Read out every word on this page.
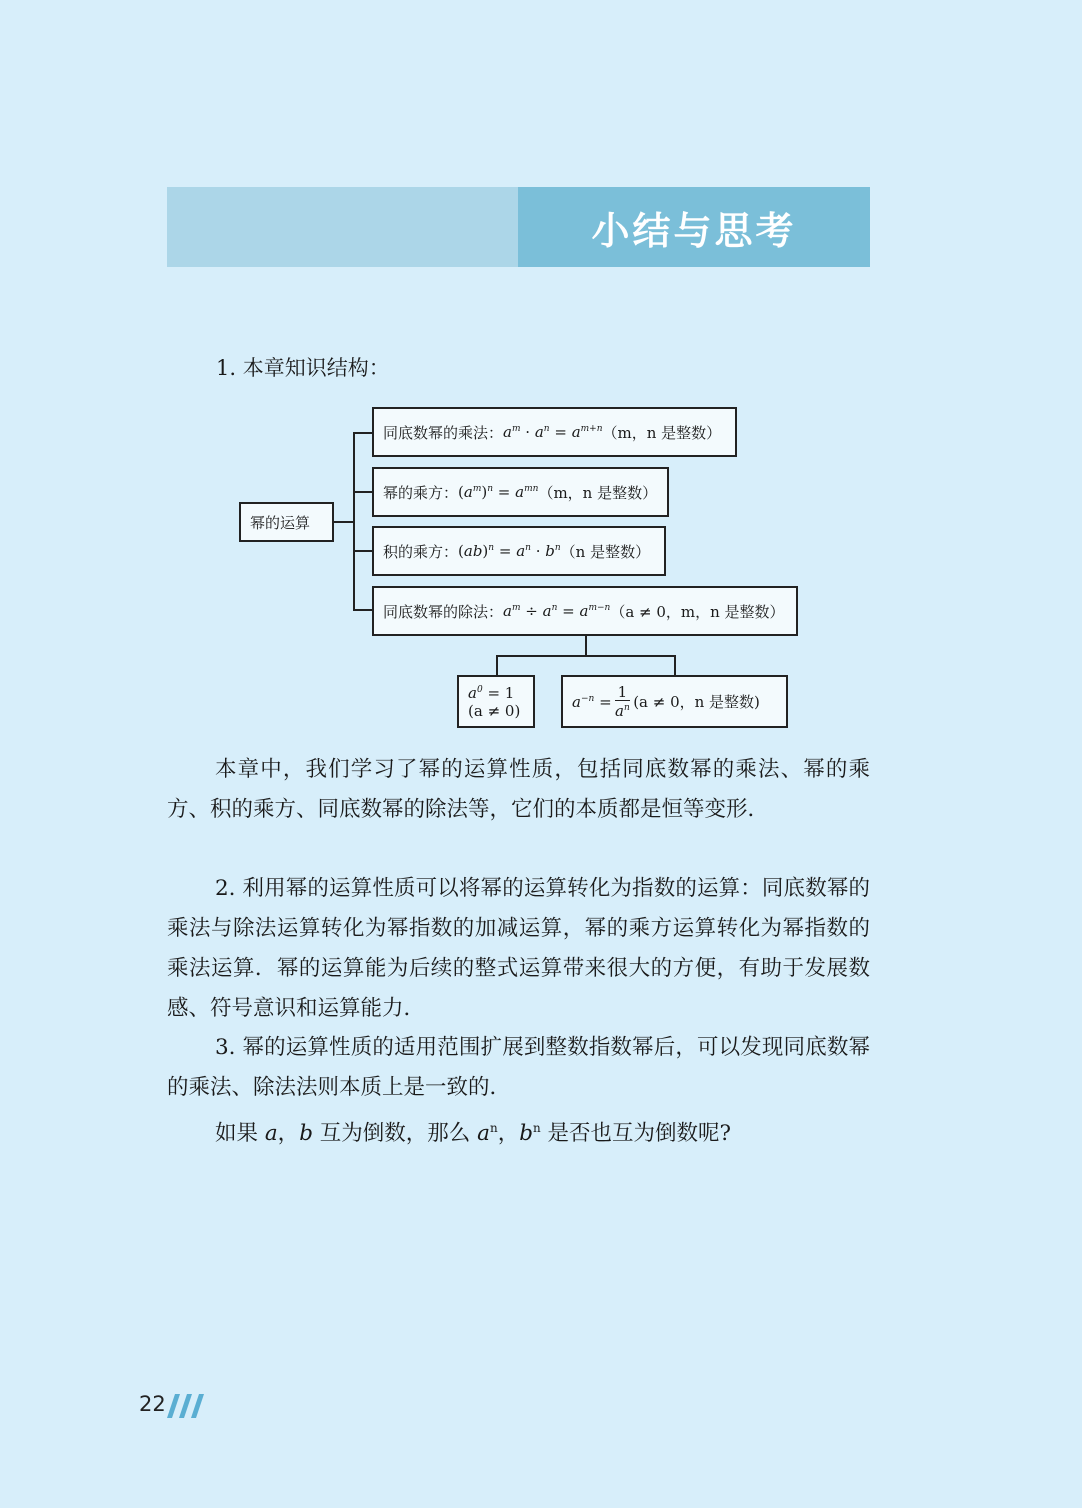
小结与思考
1. 本章知识结构：
幂的运算
同底数幂的乘法： $a^m \cdot a^n = a^{m+n}$ （m，n 是整数）
幂的乘方： $(a^m)^n = a^{mn}$ （m，n 是整数）
积的乘方： $(ab)^n = a^n \cdot b^n$ （n 是整数）
同底数幂的除法： $a^m \div a^n = a^{m-n}$ （a ≠ 0，m，n 是整数）
$a^0 = 1$
(a ≠ 0)	$a^{-n} = \frac{1}{a^n} (a \ne 0$，n 是整数)

本章中，我们学习了幂的运算性质，包括同底数幂的乘法、幂的乘方、积的乘方、同底数幂的除法等，它们的本质都是恒等变形．

2. 利用幂的运算性质可以将幂的运算转化为指数的运算：同底数幂的乘法与除法运算转化为幂指数的加减运算，幂的乘方运算转化为幂指数的乘法运算．幂的运算能为后续的整式运算带来很大的方便，有助于发展数感、符号意识和运算能力．

3. 幂的运算性质的适用范围扩展到整数指数幂后，可以发现同底数幂的乘法、除法法则本质上是一致的．

如果 a，b 互为倒数，那么 $a^n$，$b^n$ 是否也互为倒数呢?

22
